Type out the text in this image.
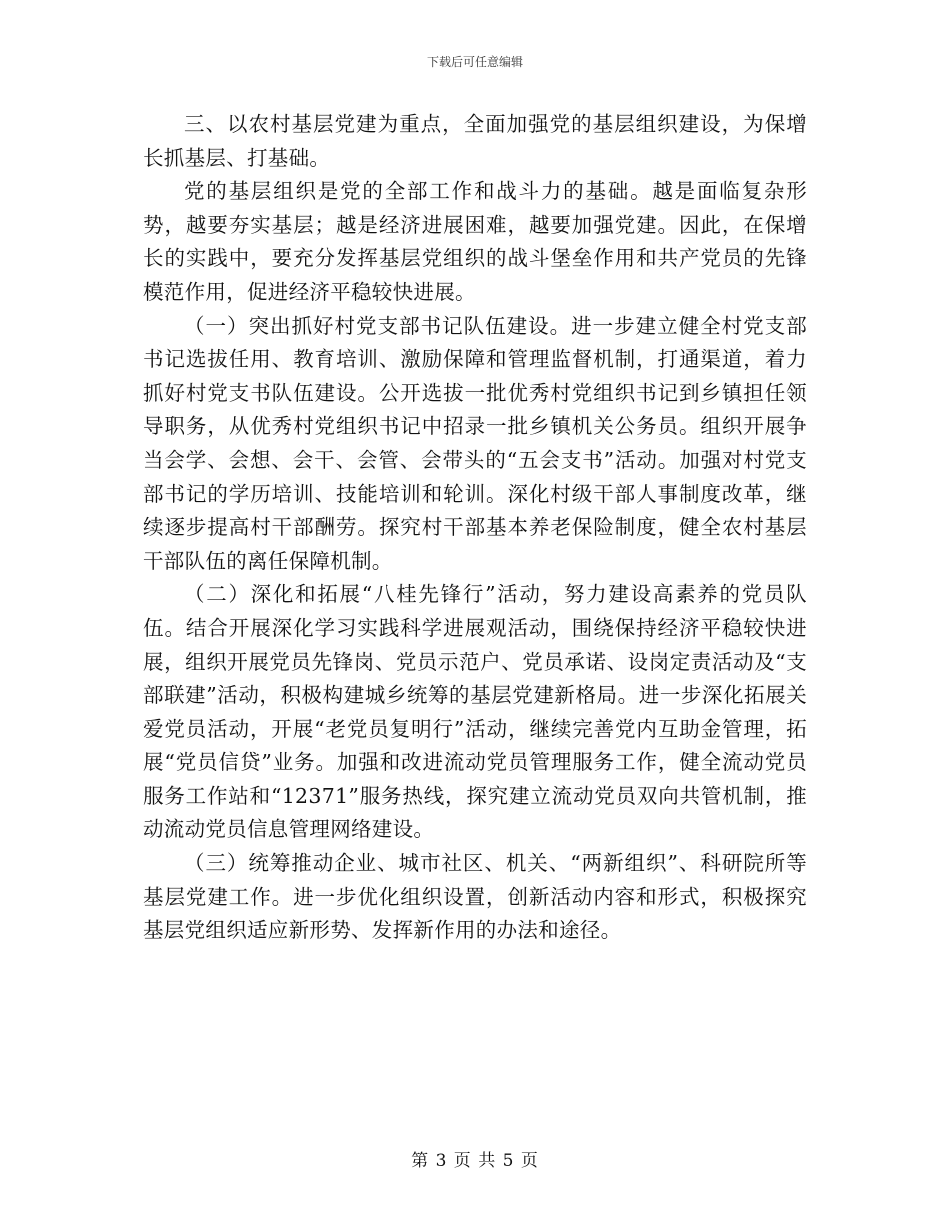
下载后可任意编辑

三、以农村基层党建为重点，全面加强党的基层组织建设，为保增长抓基层、打基础。

党的基层组织是党的全部工作和战斗力的基础。越是面临复杂形势，越要夯实基层；越是经济进展困难，越要加强党建。因此，在保增长的实践中，要充分发挥基层党组织的战斗堡垒作用和共产党员的先锋模范作用，促进经济平稳较快进展。

（一）突出抓好村党支部书记队伍建设。进一步建立健全村党支部书记选拔任用、教育培训、激励保障和管理监督机制，打通渠道，着力抓好村党支书队伍建设。公开选拔一批优秀村党组织书记到乡镇担任领导职务，从优秀村党组织书记中招录一批乡镇机关公务员。组织开展争当会学、会想、会干、会管、会带头的“五会支书”活动。加强对村党支部书记的学历培训、技能培训和轮训。深化村级干部人事制度改革，继续逐步提高村干部酬劳。探究村干部基本养老保险制度，健全农村基层干部队伍的离任保障机制。

（二）深化和拓展“八桂先锋行”活动，努力建设高素养的党员队伍。结合开展深化学习实践科学进展观活动，围绕保持经济平稳较快进展，组织开展党员先锋岗、党员示范户、党员承诺、设岗定责活动及“支部联建”活动，积极构建城乡统筹的基层党建新格局。进一步深化拓展关爱党员活动，开展“老党员复明行”活动，继续完善党内互助金管理，拓展“党员信贷”业务。加强和改进流动党员管理服务工作，健全流动党员服务工作站和“12371”服务热线，探究建立流动党员双向共管机制，推动流动党员信息管理网络建设。

（三）统筹推动企业、城市社区、机关、“两新组织”、科研院所等基层党建工作。进一步优化组织设置，创新活动内容和形式，积极探究基层党组织适应新形势、发挥新作用的办法和途径。

第 3 页 共 5 页
